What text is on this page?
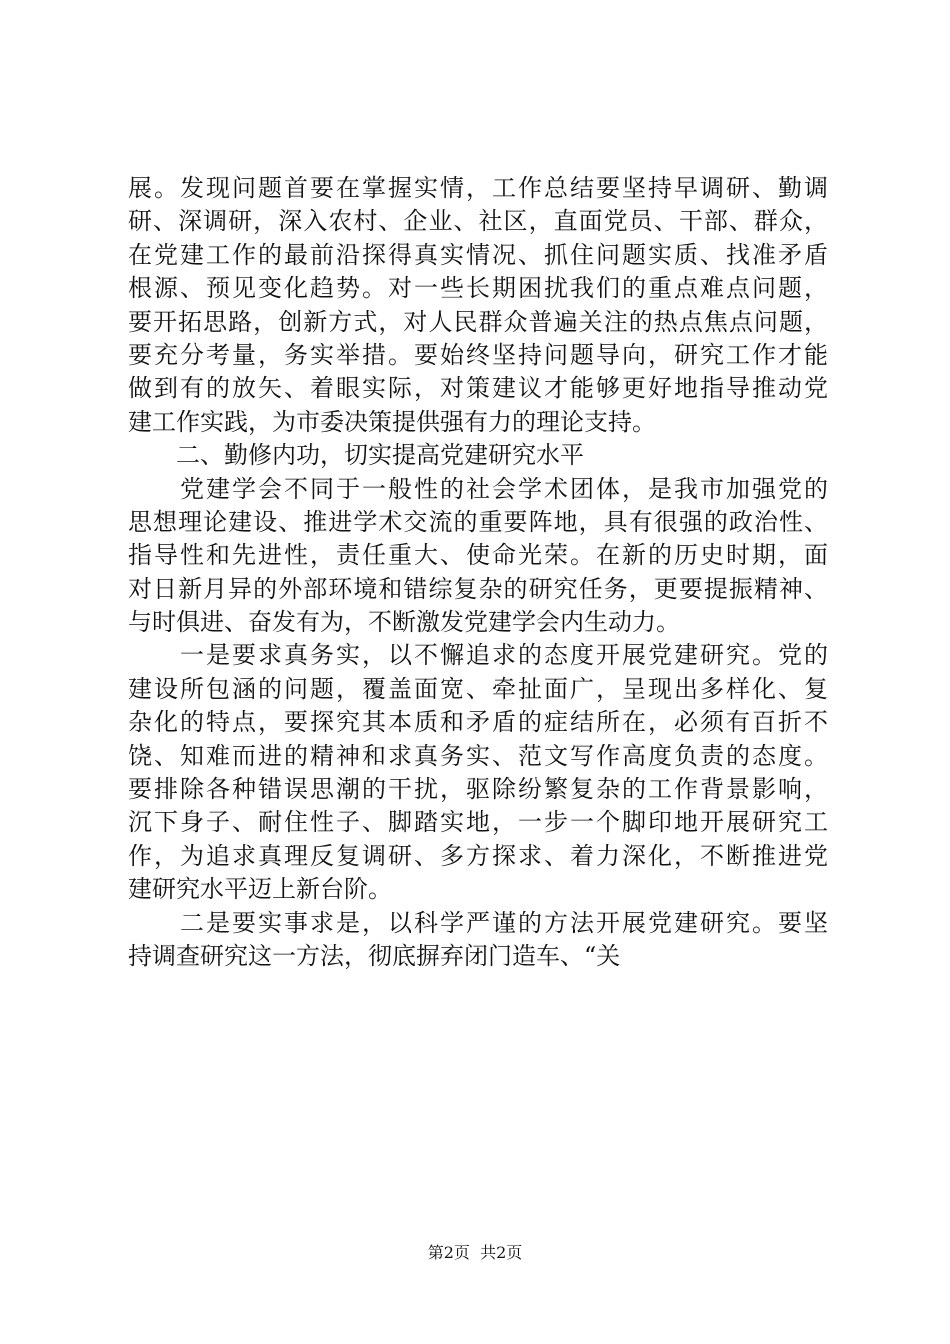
展。发现问题首要在掌握实情，工作总结要坚持早调研、勤调
研、深调研，深入农村、企业、社区，直面党员、干部、群众，
在党建工作的最前沿探得真实情况、抓住问题实质、找准矛盾
根源、预见变化趋势。对一些长期困扰我们的重点难点问题，
要开拓思路，创新方式，对人民群众普遍关注的热点焦点问题，
要充分考量，务实举措。要始终坚持问题导向，研究工作才能
做到有的放矢、着眼实际，对策建议才能够更好地指导推动党
建工作实践，为市委决策提供强有力的理论支持。
　　二、勤修内功，切实提高党建研究水平
　　党建学会不同于一般性的社会学术团体，是我市加强党的
思想理论建设、推进学术交流的重要阵地，具有很强的政治性、
指导性和先进性，责任重大、使命光荣。在新的历史时期，面
对日新月异的外部环境和错综复杂的研究任务，更要提振精神、
与时俱进、奋发有为，不断激发党建学会内生动力。
　　一是要求真务实，以不懈追求的态度开展党建研究。党的
建设所包涵的问题，覆盖面宽、牵扯面广，呈现出多样化、复
杂化的特点，要探究其本质和矛盾的症结所在，必须有百折不
饶、知难而进的精神和求真务实、范文写作高度负责的态度。
要排除各种错误思潮的干扰，驱除纷繁复杂的工作背景影响，
沉下身子、耐住性子、脚踏实地，一步一个脚印地开展研究工
作，为追求真理反复调研、多方探求、着力深化，不断推进党
建研究水平迈上新台阶。
　　二是要实事求是，以科学严谨的方法开展党建研究。要坚
持调查研究这一方法，彻底摒弃闭门造车、“关
第2页  共2页
